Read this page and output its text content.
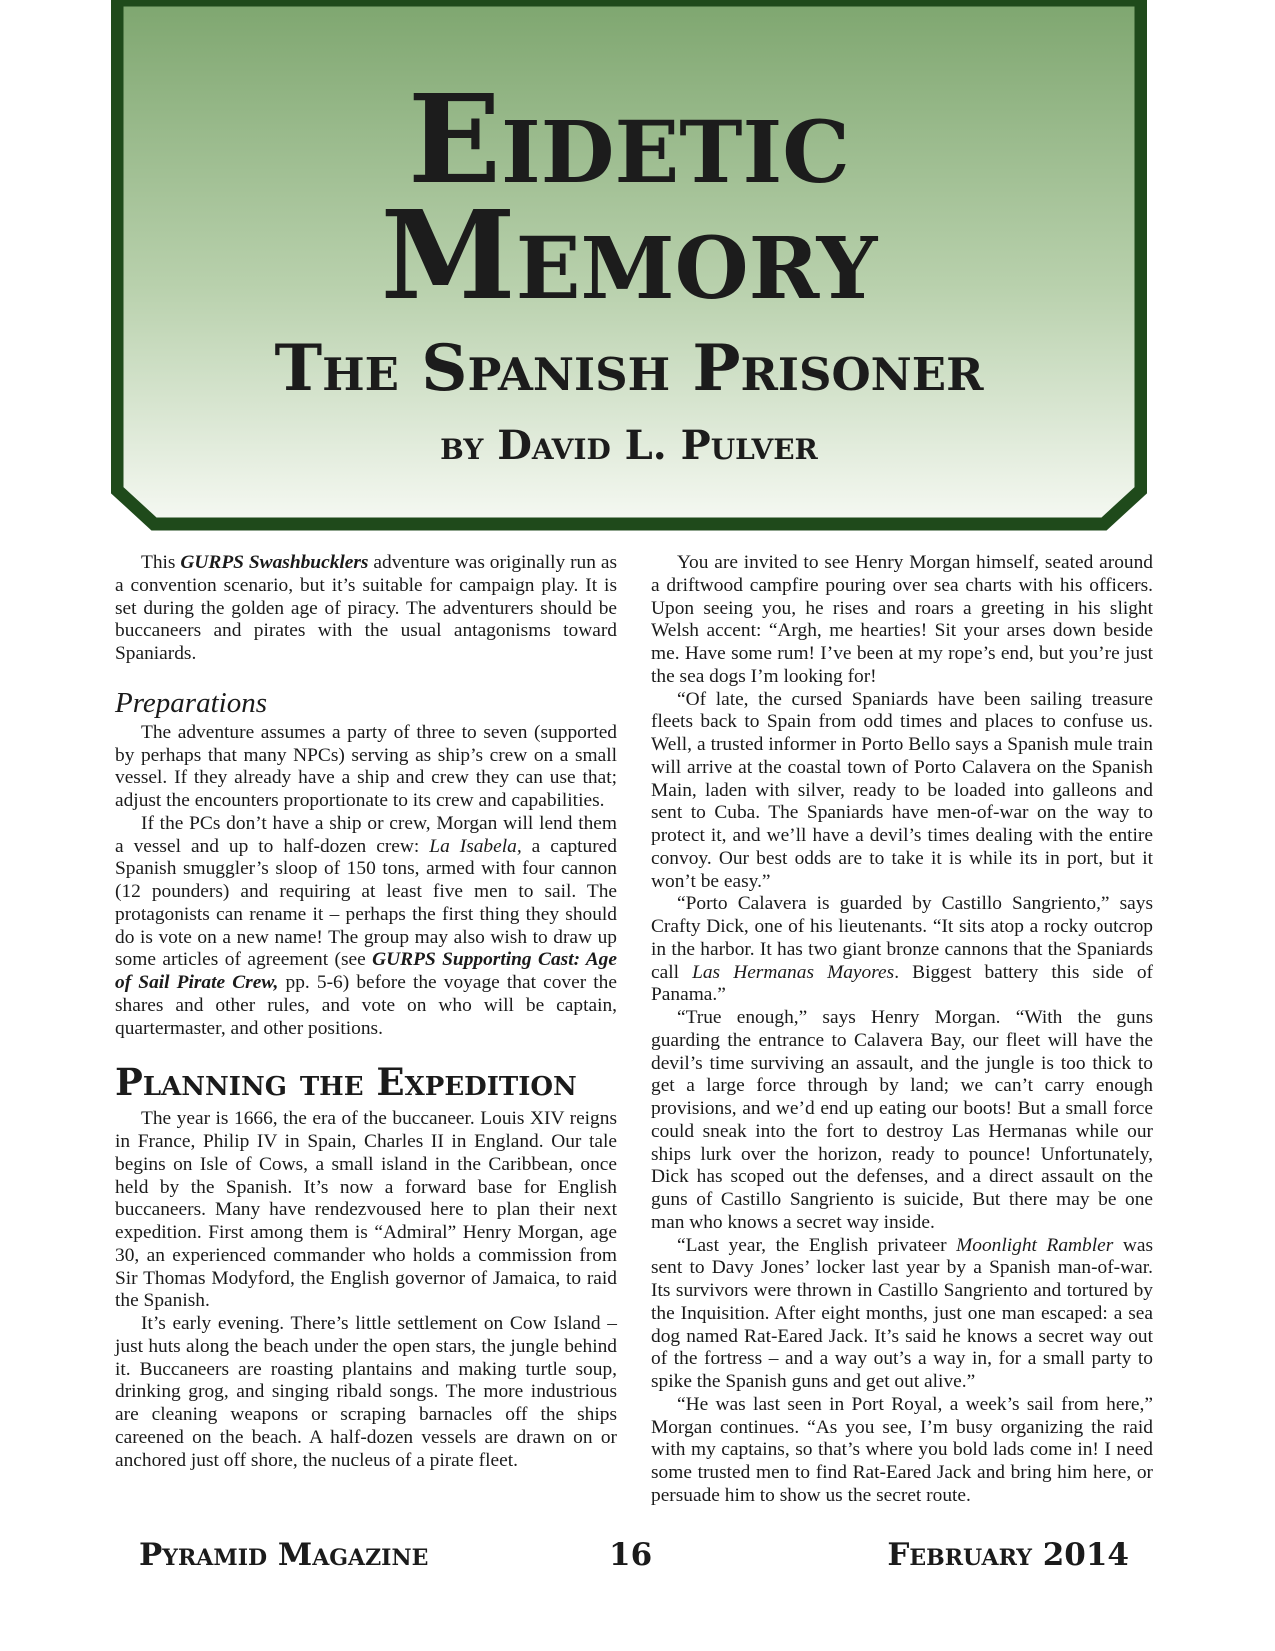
Eidetic
Memory
The Spanish Prisoner
by David L. Pulver

This GURPS Swashbucklers adventure was originally run as a convention scenario, but it’s suitable for campaign play. It is set during the golden age of piracy. The adventurers should be buccaneers and pirates with the usual antagonisms toward Spaniards.

Preparations

The adventure assumes a party of three to seven (supported by perhaps that many NPCs) serving as ship’s crew on a small vessel. If they already have a ship and crew they can use that; adjust the encounters proportionate to its crew and capabilities.

If the PCs don’t have a ship or crew, Morgan will lend them a vessel and up to half-dozen crew: La Isabela, a captured Spanish smuggler’s sloop of 150 tons, armed with four cannon (12 pounders) and requiring at least five men to sail. The protagonists can rename it – perhaps the first thing they should do is vote on a new name! The group may also wish to draw up some articles of agreement (see GURPS Supporting Cast: Age of Sail Pirate Crew, pp. 5-6) before the voyage that cover the shares and other rules, and vote on who will be captain, quartermaster, and other positions.

Planning the Expedition

The year is 1666, the era of the buccaneer. Louis XIV reigns in France, Philip IV in Spain, Charles II in England. Our tale begins on Isle of Cows, a small island in the Caribbean, once held by the Spanish. It’s now a forward base for English buccaneers. Many have rendezvoused here to plan their next expedition. First among them is “Admiral” Henry Morgan, age 30, an experienced commander who holds a commission from Sir Thomas Modyford, the English governor of Jamaica, to raid the Spanish.

It’s early evening. There’s little settlement on Cow Island – just huts along the beach under the open stars, the jungle behind it. Buccaneers are roasting plantains and making turtle soup, drinking grog, and singing ribald songs. The more industrious are cleaning weapons or scraping barnacles off the ships careened on the beach. A half-dozen vessels are drawn on or anchored just off shore, the nucleus of a pirate fleet.

You are invited to see Henry Morgan himself, seated around a driftwood campfire pouring over sea charts with his officers. Upon seeing you, he rises and roars a greeting in his slight Welsh accent: “Argh, me hearties! Sit your arses down beside me. Have some rum! I’ve been at my rope’s end, but you’re just the sea dogs I’m looking for!

“Of late, the cursed Spaniards have been sailing treasure fleets back to Spain from odd times and places to confuse us. Well, a trusted informer in Porto Bello says a Spanish mule train will arrive at the coastal town of Porto Calavera on the Spanish Main, laden with silver, ready to be loaded into galleons and sent to Cuba. The Spaniards have men-of-war on the way to protect it, and we’ll have a devil’s times dealing with the entire convoy. Our best odds are to take it is while its in port, but it won’t be easy.”

“Porto Calavera is guarded by Castillo Sangriento,” says Crafty Dick, one of his lieutenants. “It sits atop a rocky outcrop in the harbor. It has two giant bronze cannons that the Spaniards call Las Hermanas Mayores. Biggest battery this side of Panama.”

“True enough,” says Henry Morgan. “With the guns guarding the entrance to Calavera Bay, our fleet will have the devil’s time surviving an assault, and the jungle is too thick to get a large force through by land; we can’t carry enough provisions, and we’d end up eating our boots! But a small force could sneak into the fort to destroy Las Hermanas while our ships lurk over the horizon, ready to pounce! Unfortunately, Dick has scoped out the defenses, and a direct assault on the guns of Castillo Sangriento is suicide, But there may be one man who knows a secret way inside.

“Last year, the English privateer Moonlight Rambler was sent to Davy Jones’ locker last year by a Spanish man-of-war. Its survivors were thrown in Castillo Sangriento and tortured by the Inquisition. After eight months, just one man escaped: a sea dog named Rat-Eared Jack. It’s said he knows a secret way out of the fortress – and a way out’s a way in, for a small party to spike the Spanish guns and get out alive.”

“He was last seen in Port Royal, a week’s sail from here,” Morgan continues. “As you see, I’m busy organizing the raid with my captains, so that’s where you bold lads come in! I need some trusted men to find Rat-Eared Jack and bring him here, or persuade him to show us the secret route.

Pyramid Magazine	16	February 2014
